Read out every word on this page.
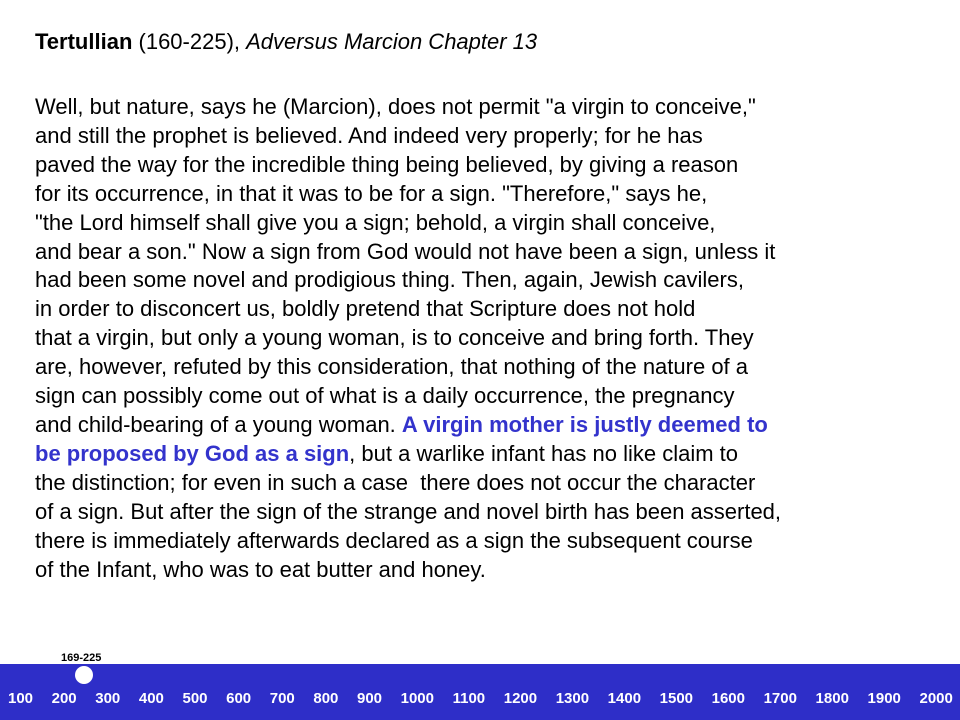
Tertullian (160-225), Adversus Marcion Chapter 13
Well, but nature, says he (Marcion), does not permit "a virgin to conceive,"
and still the prophet is believed. And indeed very properly; for he has
paved the way for the incredible thing being believed, by giving a reason
for its occurrence, in that it was to be for a sign. "Therefore," says he,
"the Lord himself shall give you a sign; behold, a virgin shall conceive,
and bear a son." Now a sign from God would not have been a sign, unless it
had been some novel and prodigious thing. Then, again, Jewish cavilers,
in order to disconcert us, boldly pretend that Scripture does not hold
that a virgin, but only a young woman, is to conceive and bring forth. They
are, however, refuted by this consideration, that nothing of the nature of a
sign can possibly come out of what is a daily occurrence, the pregnancy
and child-bearing of a young woman. A virgin mother is justly deemed to
be proposed by God as a sign, but a warlike infant has no like claim to
the distinction; for even in such a case  there does not occur the character
of a sign. But after the sign of the strange and novel birth has been asserted,
there is immediately afterwards declared as a sign the subsequent course
of the Infant, who was to eat butter and honey.
169-225
100 200 300 400 500 600 700 800 900 1000 1100 1200 1300 1400 1500 1600 1700 1800 1900 2000
